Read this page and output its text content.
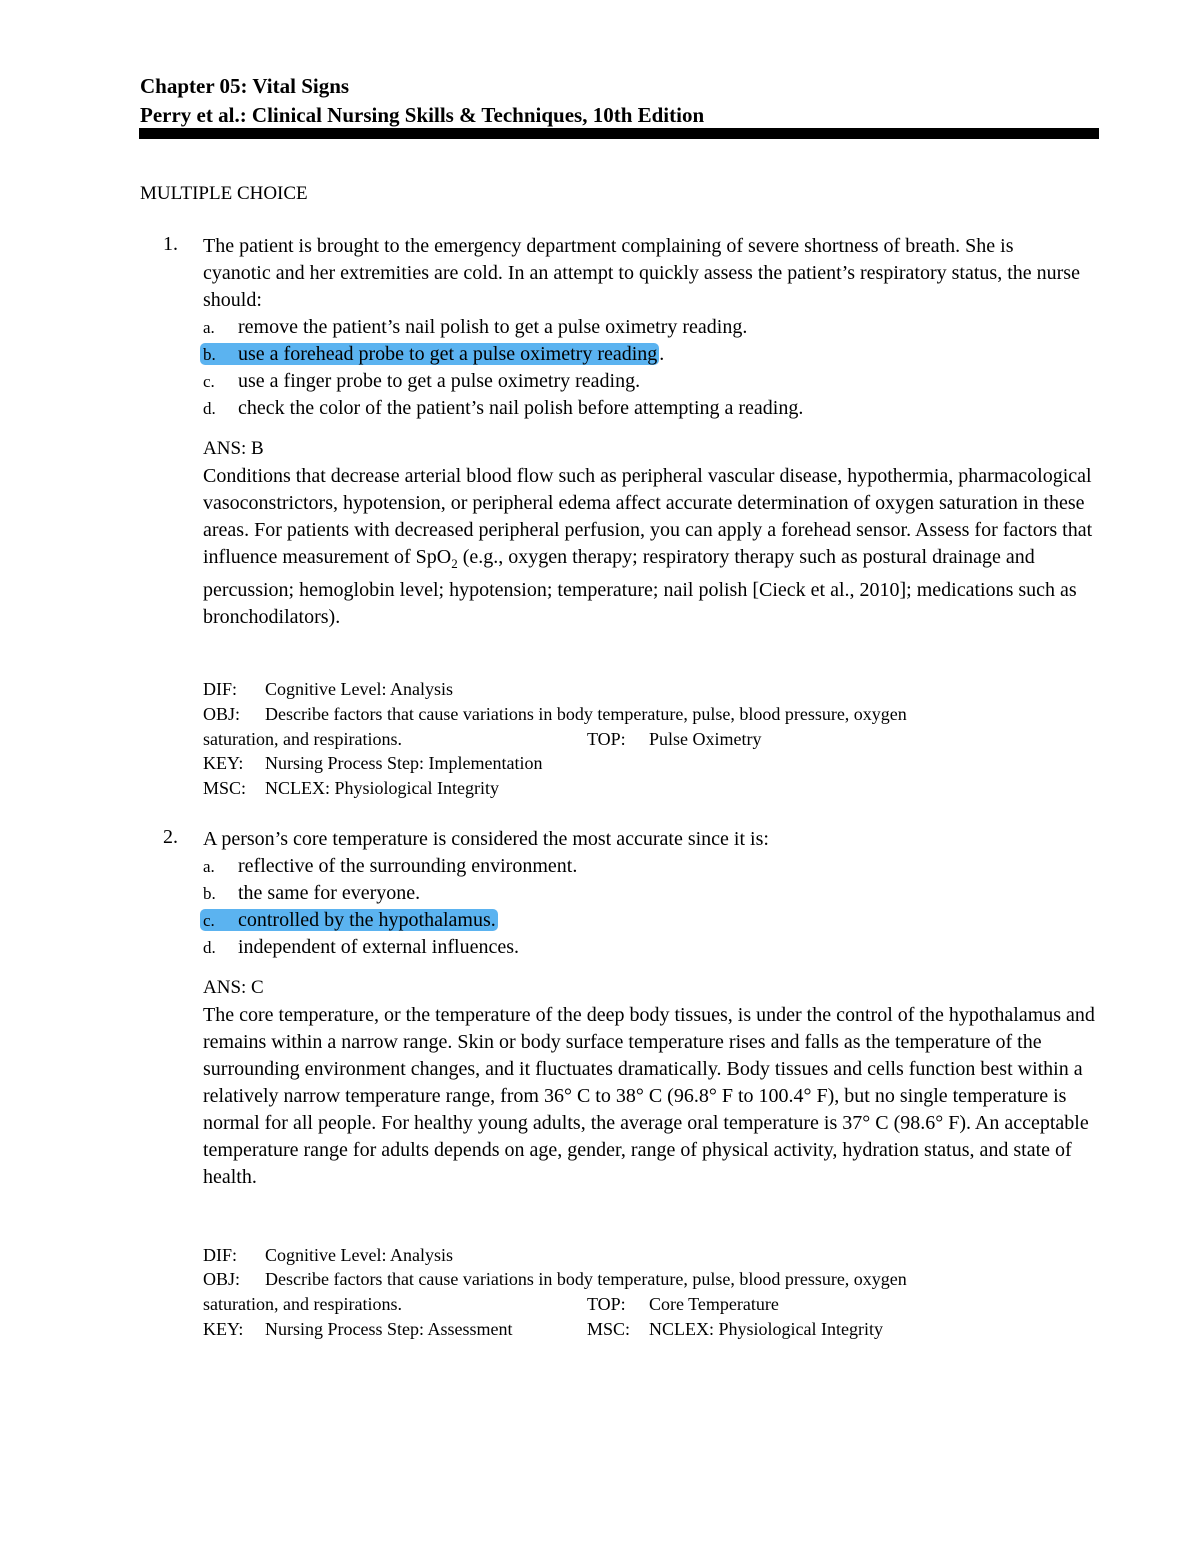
Chapter 05: Vital Signs
Perry et al.: Clinical Nursing Skills & Techniques, 10th Edition
MULTIPLE CHOICE
1. The patient is brought to the emergency department complaining of severe shortness of breath. She is cyanotic and her extremities are cold. In an attempt to quickly assess the patient’s respiratory status, the nurse should:
a. remove the patient’s nail polish to get a pulse oximetry reading.
b. use a forehead probe to get a pulse oximetry reading .
c. use a finger probe to get a pulse oximetry reading.
d. check the color of the patient’s nail polish before attempting a reading.
ANS: B
Conditions that decrease arterial blood flow such as peripheral vascular disease, hypothermia, pharmacological vasoconstrictors, hypotension, or peripheral edema affect accurate determination of oxygen saturation in these areas. For patients with decreased peripheral perfusion, you can apply a forehead sensor. Assess for factors that influence measurement of SpO$_2$ (e.g., oxygen therapy; respiratory therapy such as postural drainage and percussion; hemoglobin level; hypotension; temperature; nail polish [Cieck et al., 2010]; medications such as bronchodilators).
DIF: Cognitive Level: Analysis
OBJ: Describe factors that cause variations in body temperature, pulse, blood pressure, oxygen
saturation, and respirations.	TOP: Pulse Oximetry
KEY: Nursing Process Step: Implementation
MSC: NCLEX: Physiological Integrity
2. A person’s core temperature is considered the most accurate since it is:
a. reflective of the surrounding environment.
b. the same for everyone.
c. controlled by the hypothalamus.
d. independent of external influences.
ANS: C
The core temperature, or the temperature of the deep body tissues, is under the control of the hypothalamus and remains within a narrow range. Skin or body surface temperature rises and falls as the temperature of the surrounding environment changes, and it fluctuates dramatically. Body tissues and cells function best within a relatively narrow temperature range, from 36° C to 38° C (96.8° F to 100.4° F), but no single temperature is normal for all people. For healthy young adults, the average oral temperature is 37° C (98.6° F). An acceptable temperature range for adults depends on age, gender, range of physical activity, hydration status, and state of health.
DIF: Cognitive Level: Analysis
OBJ: Describe factors that cause variations in body temperature, pulse, blood pressure, oxygen
saturation, and respirations.	TOP: Core Temperature
KEY: Nursing Process Step: Assessment	MSC: NCLEX: Physiological Integrity
